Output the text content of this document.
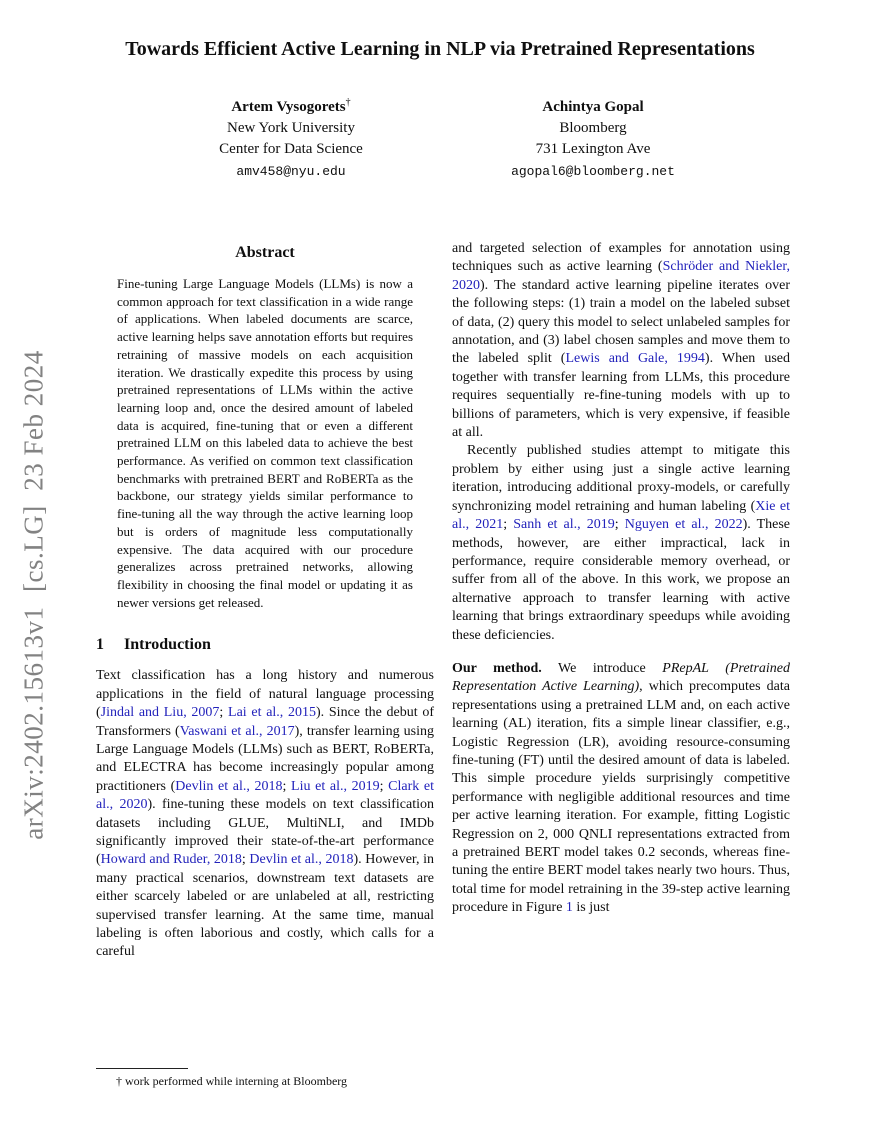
arXiv:2402.15613v1  [cs.LG]  23 Feb 2024
Towards Efficient Active Learning in NLP via Pretrained Representations
Artem Vysogorets†
New York University
Center for Data Science
amv458@nyu.edu
Achintya Gopal
Bloomberg
731 Lexington Ave
agopal6@bloomberg.net
Abstract

Fine-tuning Large Language Models (LLMs) is now a common approach for text classification in a wide range of applications. When labeled documents are scarce, active learning helps save annotation efforts but requires retraining of massive models on each acquisition iteration. We drastically expedite this process by using pretrained representations of LLMs within the active learning loop and, once the desired amount of labeled data is acquired, fine-tuning that or even a different pretrained LLM on this labeled data to achieve the best performance. As verified on common text classification benchmarks with pretrained BERT and RoBERTa as the backbone, our strategy yields similar performance to fine-tuning all the way through the active learning loop but is orders of magnitude less computationally expensive. The data acquired with our procedure generalizes across pretrained networks, allowing flexibility in choosing the final model or updating it as newer versions get released.

1	Introduction

Text classification has a long history and numerous applications in the field of natural language processing (Jindal and Liu, 2007; Lai et al., 2015). Since the debut of Transformers (Vaswani et al., 2017), transfer learning using Large Language Models (LLMs) such as BERT, RoBERTa, and ELECTRA has become increasingly popular among practitioners (Devlin et al., 2018; Liu et al., 2019; Clark et al., 2020). fine-tuning these models on text classification datasets including GLUE, MultiNLI, and IMDb significantly improved their state-of-the-art performance (Howard and Ruder, 2018; Devlin et al., 2018). However, in many practical scenarios, downstream text datasets are either scarcely labeled or are unlabeled at all, restricting supervised transfer learning. At the same time, manual labeling is often laborious and costly, which calls for a careful

and targeted selection of examples for annotation using techniques such as active learning (Schröder and Niekler, 2020). The standard active learning pipeline iterates over the following steps: (1) train a model on the labeled subset of data, (2) query this model to select unlabeled samples for annotation, and (3) label chosen samples and move them to the labeled split (Lewis and Gale, 1994). When used together with transfer learning from LLMs, this procedure requires sequentially re-fine-tuning models with up to billions of parameters, which is very expensive, if feasible at all.

Recently published studies attempt to mitigate this problem by either using just a single active learning iteration, introducing additional proxy-models, or carefully synchronizing model retraining and human labeling (Xie et al., 2021; Sanh et al., 2019; Nguyen et al., 2022). These methods, however, are either impractical, lack in performance, require considerable memory overhead, or suffer from all of the above. In this work, we propose an alternative approach to transfer learning with active learning that brings extraordinary speedups while avoiding these deficiencies.

Our method. We introduce PRepAL (Pretrained Representation Active Learning), which precomputes data representations using a pretrained LLM and, on each active learning (AL) iteration, fits a simple linear classifier, e.g., Logistic Regression (LR), avoiding resource-consuming fine-tuning (FT) until the desired amount of data is labeled. This simple procedure yields surprisingly competitive performance with negligible additional resources and time per active learning iteration. For example, fitting Logistic Regression on 2, 000 QNLI representations extracted from a pretrained BERT model takes 0.2 seconds, whereas fine-tuning the entire BERT model takes nearly two hours. Thus, total time for model retraining in the 39-step active learning procedure in Figure 1 is just

† work performed while interning at Bloomberg
